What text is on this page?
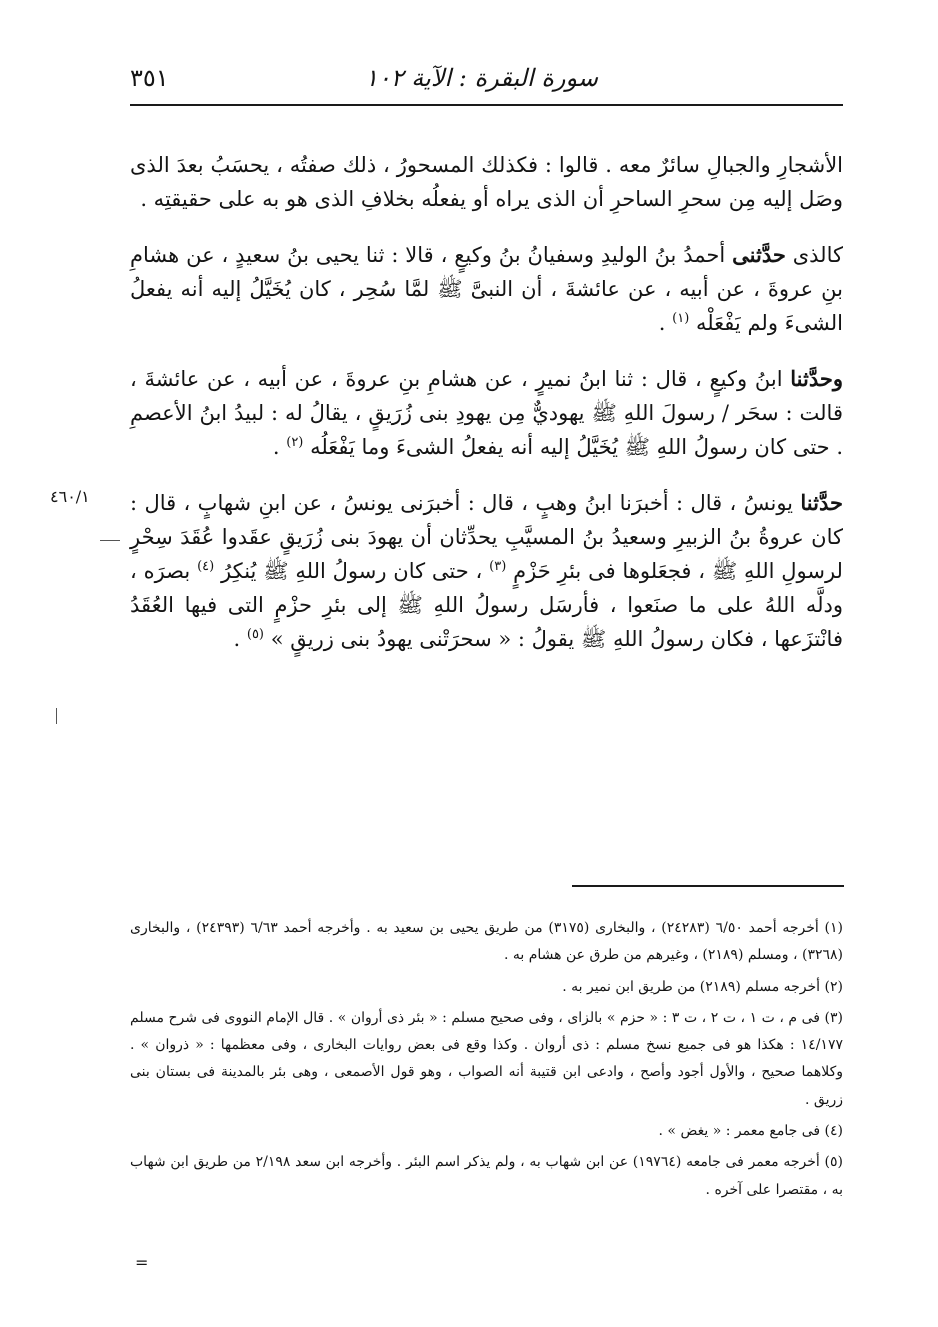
٣٥١	سورة البقرة : الآية ١٠٢
٤٦٠/١

الأشجارِ والجبالِ سائرٌ معه . قالوا : فكذلك المسحورُ ، ذلك صفتُه ، يحسَبُ بعدَ الذى وصَل إليه مِن سحرِ الساحرِ أن الذى يراه أو يفعلُه بخلافِ الذى هو به على حقيقتِه .

كالذى حدَّثنى أحمدُ بنُ الوليدِ وسفيانُ بنُ وكيعٍ ، قالا : ثنا يحيى بنُ سعيدٍ ، عن هشامِ بنِ عروةَ ، عن أبيه ، عن عائشةَ ، أن النبىَّ ﷺ لمَّا سُحِر ، كان يُخَيَّلُ إليه أنه يفعلُ الشىءَ ولم يَفْعَلْه $^{(١)}$ .

وحدَّثنا ابنُ وكيعٍ ، قال : ثنا ابنُ نميرٍ ، عن هشامِ بنِ عروةَ ، عن أبيه ، عن عائشةَ ، قالت : سحَر / رسولَ اللهِ ﷺ يهوديٌّ مِن يهودِ بنى زُرَيقٍ ، يقالُ له : لبيدُ ابنُ الأعصمِ . حتى كان رسولُ اللهِ ﷺ يُخَيَّلُ إليه أنه يفعلُ الشىءَ وما يَفْعَلُه $^{(٢)}$ .

حدَّثنا يونسُ ، قال : أخبرَنا ابنُ وهبٍ ، قال : أخبرَنى يونسُ ، عن ابنِ شهابٍ ، قال : كان عروةُ بنُ الزبيرِ وسعيدُ بنُ المسيَّبِ يحدِّثان أن يهودَ بنى زُرَيقٍ عقَدوا عُقَدَ سِحْرٍ لرسولِ اللهِ ﷺ ، فجعَلوها فى بئرِ حَزْمٍ $^{(٣)}$ ، حتى كان رسولُ اللهِ ﷺ يُنكِرُ $^{(٤)}$ بصرَه ، ودلَّه اللهُ على ما صنَعوا ، فأرسَل رسولُ اللهِ ﷺ إلى بئرِ حزْمٍ التى فيها العُقَدُ فانْتزَعها ، فكان رسولُ اللهِ ﷺ يقولُ : « سحرَتْنى يهودُ بنى زريقٍ » $^{(٥)}$ .

(١) أخرجه أحمد ٦/٥٠ (٢٤٢٨٣) ، والبخارى (٣١٧٥) من طريق يحيى بن سعيد به . وأخرجه أحمد ٦/٦٣ (٢٤٣٩٣) ، والبخارى (٣٢٦٨) ، ومسلم (٢١٨٩) ، وغيرهم من طرق عن هشام به .

(٢) أخرجه مسلم (٢١٨٩) من طريق ابن نمير به .

(٣) فى م ، ت ١ ، ت ٢ ، ت ٣ : « حزم » بالزاى ، وفى صحيح مسلم : « بئر ذى أروان » . قال الإمام النووى فى شرح مسلم ١٤/١٧٧ : هكذا هو فى جميع نسخ مسلم : ذى أروان . وكذا وقع فى بعض روايات البخارى ، وفى معظمها : « ذروان » . وكلاهما صحيح ، والأول أجود وأصح ، وادعى ابن قتيبة أنه الصواب ، وهو قول الأصمعى ، وهى بئر بالمدينة فى بستان بنى زريق .

(٤) فى جامع معمر : « يغض » .

(٥) أخرجه معمر فى جامعه (١٩٧٦٤) عن ابن شهاب به ، ولم يذكر اسم البئر . وأخرجه ابن سعد ٢/١٩٨ من طريق ابن شهاب به ، مقتصرا على آخره .

=
